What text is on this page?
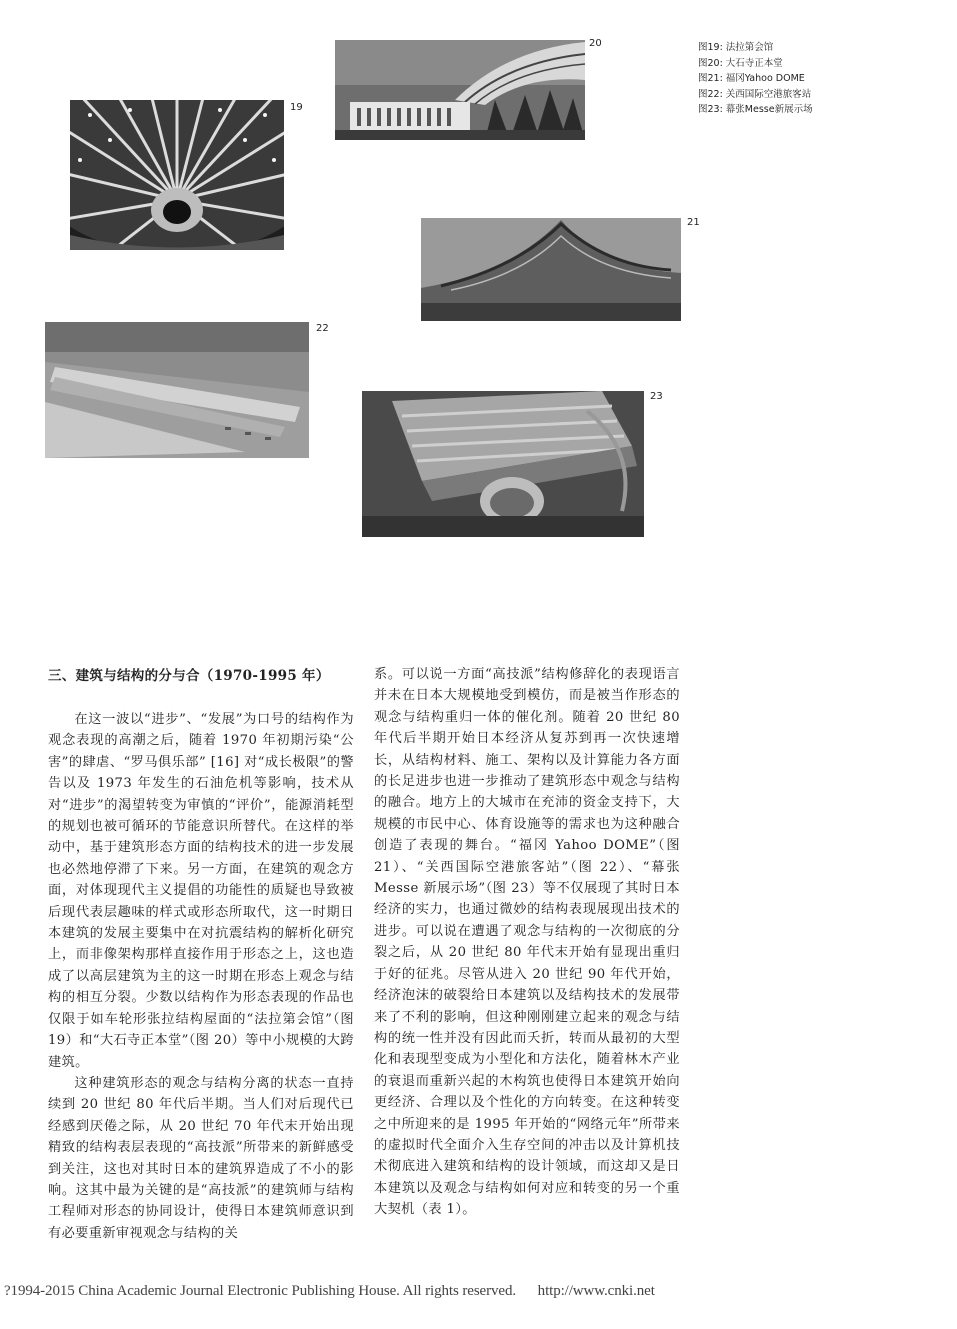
20
19
21
22
23
图19: 法拉第会馆
图20: 大石寺正本堂
图21: 福冈Yahoo DOME
图22: 关西国际空港旅客站
图23: 幕张Messe新展示场
三、建筑与结构的分与合（1970-1995 年）

在这一波以“进步”、“发展”为口号的结构作为观念表现的高潮之后，随着 1970 年初期污染“公害”的肆虐、“罗马俱乐部” [16] 对“成长极限”的警告以及 1973 年发生的石油危机等影响，技术从对“进步”的渴望转变为审慎的“评价”，能源消耗型的规划也被可循环的节能意识所替代。在这样的举动中，基于建筑形态方面的结构技术的进一步发展也必然地停滞了下来。另一方面，在建筑的观念方面，对体现现代主义提倡的功能性的质疑也导致被后现代表层趣味的样式或形态所取代，这一时期日本建筑的发展主要集中在对抗震结构的解析化研究上，而非像架构那样直接作用于形态之上，这也造成了以高层建筑为主的这一时期在形态上观念与结构的相互分裂。少数以结构作为形态表现的作品也仅限于如车轮形张拉结构屋面的“法拉第会馆”（图 19）和“大石寺正本堂”（图 20）等中小规模的大跨建筑。

这种建筑形态的观念与结构分离的状态一直持续到 20 世纪 80 年代后半期。当人们对后现代已经感到厌倦之际，从 20 世纪 70 年代末开始出现精致的结构表层表现的“高技派”所带来的新鲜感受到关注，这也对其时日本的建筑界造成了不小的影响。这其中最为关键的是“高技派”的建筑师与结构工程师对形态的协同设计，使得日本建筑师意识到有必要重新审视观念与结构的关

系。可以说一方面“高技派”结构修辞化的表现语言并未在日本大规模地受到模仿，而是被当作形态的观念与结构重归一体的催化剂。随着 20 世纪 80 年代后半期开始日本经济从复苏到再一次快速增长，从结构材料、施工、架构以及计算能力各方面的长足进步也进一步推动了建筑形态中观念与结构的融合。地方上的大城市在充沛的资金支持下，大规模的市民中心、体育设施等的需求也为这种融合创造了表现的舞台。“福冈 Yahoo DOME”（图 21）、“关西国际空港旅客站”（图 22）、“幕张 Messe 新展示场”（图 23）等不仅展现了其时日本经济的实力，也通过微妙的结构表现展现出技术的进步。可以说在遭遇了观念与结构的一次彻底的分裂之后，从 20 世纪 80 年代末开始有显现出重归于好的征兆。尽管从进入 20 世纪 90 年代开始，经济泡沫的破裂给日本建筑以及结构技术的发展带来了不利的影响，但这种刚刚建立起来的观念与结构的统一性并没有因此而夭折，转而从最初的大型化和表现型变成为小型化和方法化，随着林木产业的衰退而重新兴起的木构筑也使得日本建筑开始向更经济、合理以及个性化的方向转变。在这种转变之中所迎来的是 1995 年开始的“网络元年”所带来的虚拟时代全面介入生存空间的冲击以及计算机技术彻底进入建筑和结构的设计领域，而这却又是日本建筑以及观念与结构如何对应和转变的另一个重大契机（表 1）。

?1994-2015 China Academic Journal Electronic Publishing House. All rights reserved. http://www.cnki.net
